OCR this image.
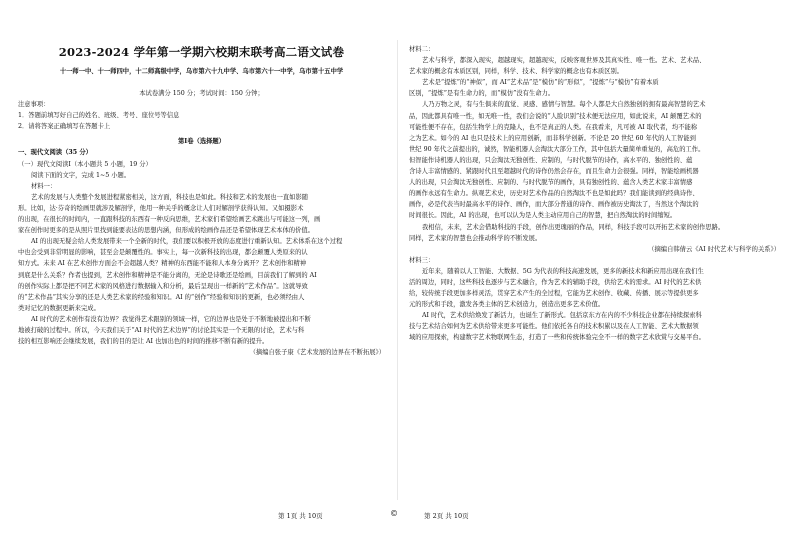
2023-2024 学年第一学期六校期末联考高二语文试卷
十一师一中、十一师四中，十二师高级中学，乌市第六十九中学、乌市第六十一中学，乌市第十五中学
本试卷满分 150 分；考试时间：150 分钟；
注意事项：
1．答题前填写好自己的姓名、班级、考号、座位号等信息
2．请将答案正确填写在答题卡上
第Ⅰ卷（选择题）
一、现代文阅读（35 分）
（一）现代文阅读Ⅰ（本小题共 5 小题，19 分）
阅读下面的文字，完成 1~5 小题。
材料一：
艺术的发展与人类整个发展进程紧密相关，这方面，科技也是如此。科技和艺术的发展也一直如影随
形。比如，达·芬奇的绘画里就涉及解剖学，他用一种关乎的概念让人们对解剖学获得认知。又如摄影术
的出现，在很长的时间内，一直跟科技的东西有一种反向思维，艺术家们希望绘画艺术跳出与可能这一列，画
家在创作时更多的是从照片里找到能要表达的思想内涵，但形成的绘画作品还是希望体现艺术本体的价值。
AI 的出现无疑会给人类发展带来一个全新的时代，我们要以积极开放的态度进行重新认知。艺术体系在这个过程
中也会受到非常明显的影响，甚至会是颠覆性的。事实上，每一次新科技的出现，都会颠覆人类原来的认
知方式。未来 AI 在艺术创作方面会不会超越人类？精神的东西能不能和人本身分离开？艺术创作和精神
到底是什么关系？作者也提到，艺术创作和精神是不能分离的，无论是诗歌还是绘画，目前我们了解到的 AI
的创作实际上都是把不同艺术家的风格进行数据输入和分析，最后呈现出一样新的“艺术作品”。这就导致
的“艺术作品”其实分享的还是人类艺术家的经验和知识。AI 的“创作”经验和知识的更新，也必须经由人
类对记忆的数据更新来完成。
AI 时代的艺术创作有没有边界？我觉得艺术跟别的领域一样，它的边界也是处于不断地被提出和不断
地被打破的过程中。所以，今天我们关于“AI 时代的艺术边界”的讨论其实是一个无限的讨论，艺术与科
技的相互影响还会继续发展，我们的目的是让 AI 也加出色的时间的推移不断有新的提升。
（摘编自张子康《艺术发展的边界在不断拓展》）
材料二：
艺术与科学，都深入现实，超越现实，超越现实，反映客观世界及其真实性、唯一性。艺术、艺术品、
艺术家的概念有本质区别，同样，科学、技术、科学家的概念也有本质区别。
艺术是“提炼”的“神似”，而 AI“艺术品”是“模仿”的“形似”，“提炼”与“模仿”有着本质
区别，“提炼”是有生命力的，而“模仿”没有生命力。
人乃万物之灵，有与生俱来的直觉、灵感、感情与智慧。每个人都是大自然独创的拥有最高智慧的艺术
品，因此都具有唯一性，如无唯一性，我们会说的“人脸识别”技术便无法应用，如此说来，AI 颠覆艺术的
可能性便不存在，包括生物学上的克隆人，也不是真正的人类。在我看来，凡可被 AI 取代者，均不能称
之为艺术。如今的 AI 也只是技术上的应用创新，而非科学创新。不论是 20 世纪 60 年代的人工智能到
世纪 90 年代之前提出的，诚然，智能机器人会淘汰大部分工作，其中包括大量简单重复的，高危的工作。
但智能作诗机器人的出现，只会淘汰无独创性、应制的，与时代脱节的诗作，高水平的、独创性的、蕴
含诗人丰富情感的、紧跟时代且至超越时代的诗作仍然会存在，而且生命力会很强。同样，智能绘画机器
人的出现，只会淘汰无独创性、应制的、与时代脱节的画作，具有独创性的、蕴含人类艺术家丰富情感
的画作永远有生命力。纵观艺术史，历史对艺术作品的自然淘汰不也是如此吗？我们能读到的经典诗作、
画作，必是代表当时最高水平的诗作、画作，而大部分普通的诗作、画作被历史淘汰了，当然这个淘汰的
时间很长。因此，AI 的出现，也可以认为是人类主动应用自己的智慧，把自然淘汰的时间缩短。
我相信，未来，艺术会借助科技的手段，创作出更瑰丽的作品，同样，科技手段可以开拓艺术家的创作思路。
同样，艺术家的智慧也会推动科学的不断发展。
（摘编自韩倩云《AI 时代艺术与科学的关系》）
材料三：
近年来，随着以人工智能、大数据、5G 为代表的科技高速发展，更多的新技术和新应用出现在我们生
活的周边，同时，这些科技也逐步与艺术融合，作为艺术的辅助手段，供给艺术的需求。AI 时代的艺术供
给，较传统手段更加多样灵活，贯穿艺术产生的全过程，它能为艺术创作、收藏、传播、展示等提供更多
元的形式和手段，激发各类主体的艺术创造力，创造出更多艺术价值。
AI 时代，艺术供给焕发了新活力，也诞生了新形式。包括京东方在内的不少科技企业都在持续探索科
技与艺术结合如何为艺术供给带来更多可能性。他们依托各自的技术积累以及在人工智能、艺术大数据领
域的应用探索，构建数字艺术物联网生态，打造了一些和传统体验完全不一样的数字艺术欣赏与交易平台。
第 1页 共 10页	©	第 2页 共 10页
